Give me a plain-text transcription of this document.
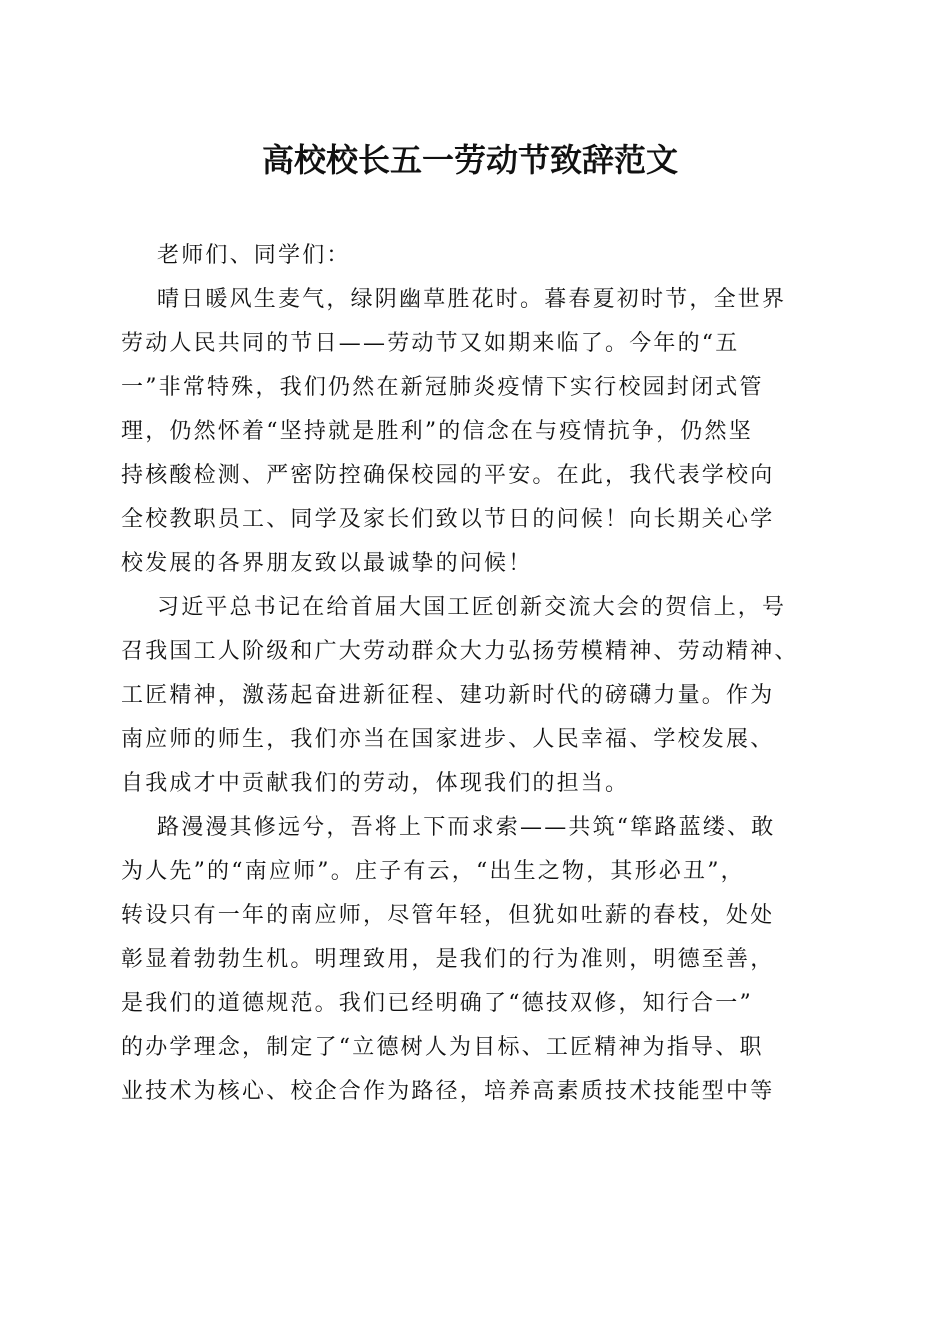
高校校长五一劳动节致辞范文
老师们、同学们：
晴日暖风生麦气，绿阴幽草胜花时。暮春夏初时节，全世界
劳动人民共同的节日——劳动节又如期来临了。今年的“五
一”非常特殊，我们仍然在新冠肺炎疫情下实行校园封闭式管
理，仍然怀着“坚持就是胜利”的信念在与疫情抗争，仍然坚
持核酸检测、严密防控确保校园的平安。在此，我代表学校向
全校教职员工、同学及家长们致以节日的问候！向长期关心学
校发展的各界朋友致以最诚挚的问候！
习近平总书记在给首届大国工匠创新交流大会的贺信上，号
召我国工人阶级和广大劳动群众大力弘扬劳模精神、劳动精神、
工匠精神，激荡起奋进新征程、建功新时代的磅礴力量。作为
南应师的师生，我们亦当在国家进步、人民幸福、学校发展、
自我成才中贡献我们的劳动，体现我们的担当。
路漫漫其修远兮，吾将上下而求索——共筑“筚路蓝缕、敢
为人先”的“南应师”。庄子有云，“出生之物，其形必丑”，
转设只有一年的南应师，尽管年轻，但犹如吐薪的春枝，处处
彰显着勃勃生机。明理致用，是我们的行为准则，明德至善，
是我们的道德规范。我们已经明确了“德技双修，知行合一”
的办学理念，制定了“立德树人为目标、工匠精神为指导、职
业技术为核心、校企合作为路径，培养高素质技术技能型中等
